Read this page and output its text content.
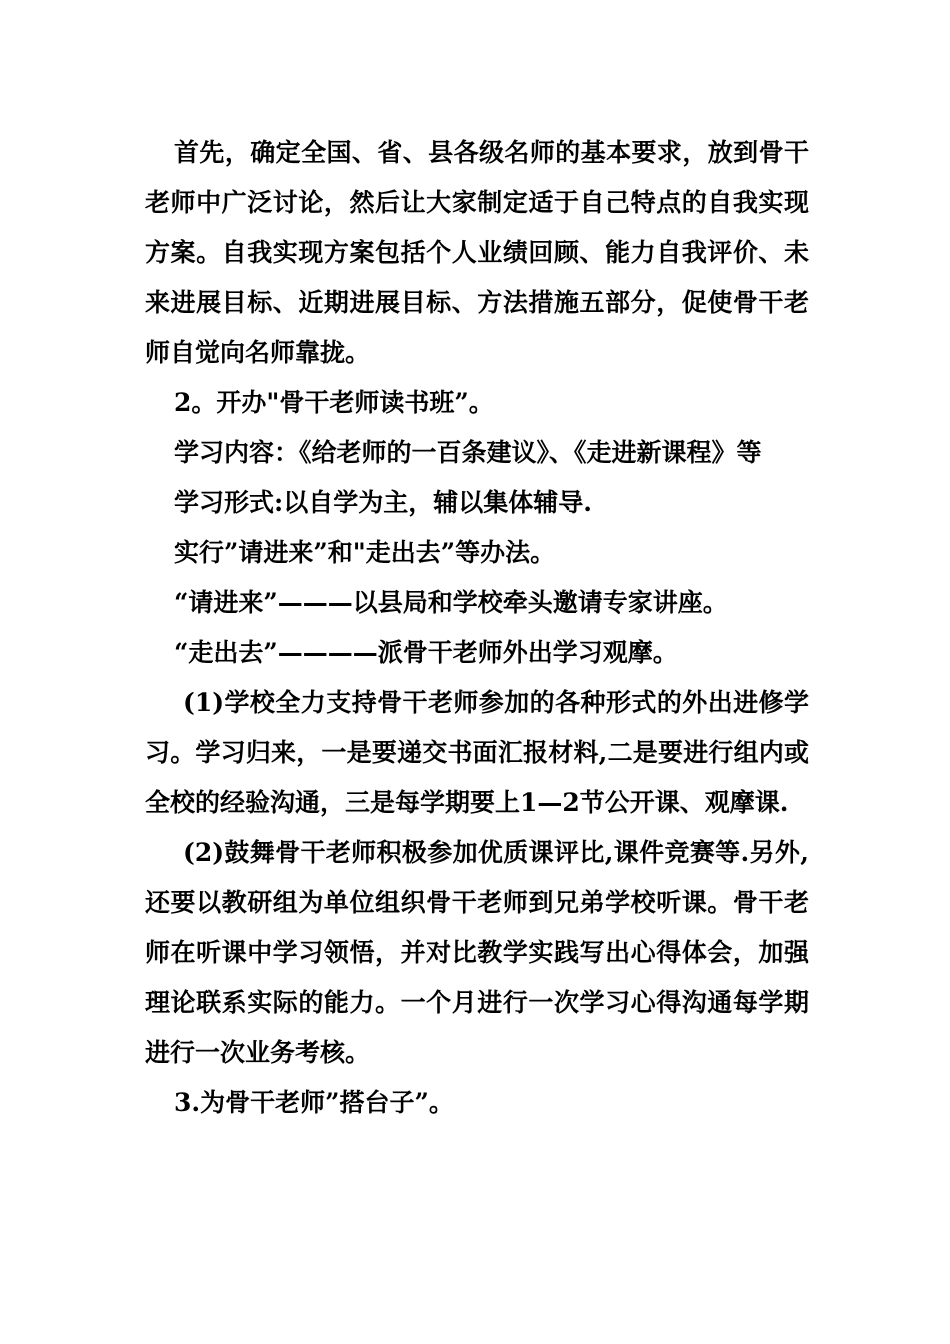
首先，确定全国、省、县各级名师的基本要求，放到骨干老师中广泛讨论，然后让大家制定适于自己特点的自我实现方案。自我实现方案包括个人业绩回顾、能力自我评价、未来进展目标、近期进展目标、方法措施五部分，促使骨干老师自觉向名师靠拢。

2。开办"骨干老师读书班”。

学习内容：《给老师的一百条建议》、《走进新课程》等

学习形式:以自学为主，辅以集体辅导.

实行”请进来”和"走出去”等办法。

“请进来”———以县局和学校牵头邀请专家讲座。

“走出去”————派骨干老师外出学习观摩。

(1)学校全力支持骨干老师参加的各种形式的外出进修学习。学习归来，一是要递交书面汇报材料,二是要进行组内或全校的经验沟通，三是每学期要上1—2节公开课、观摩课.

(2)鼓舞骨干老师积极参加优质课评比,课件竞赛等.另外,还要以教研组为单位组织骨干老师到兄弟学校听课。骨干老师在听课中学习领悟，并对比教学实践写出心得体会，加强理论联系实际的能力。一个月进行一次学习心得沟通每学期进行一次业务考核。

3.为骨干老师”搭台子”。
